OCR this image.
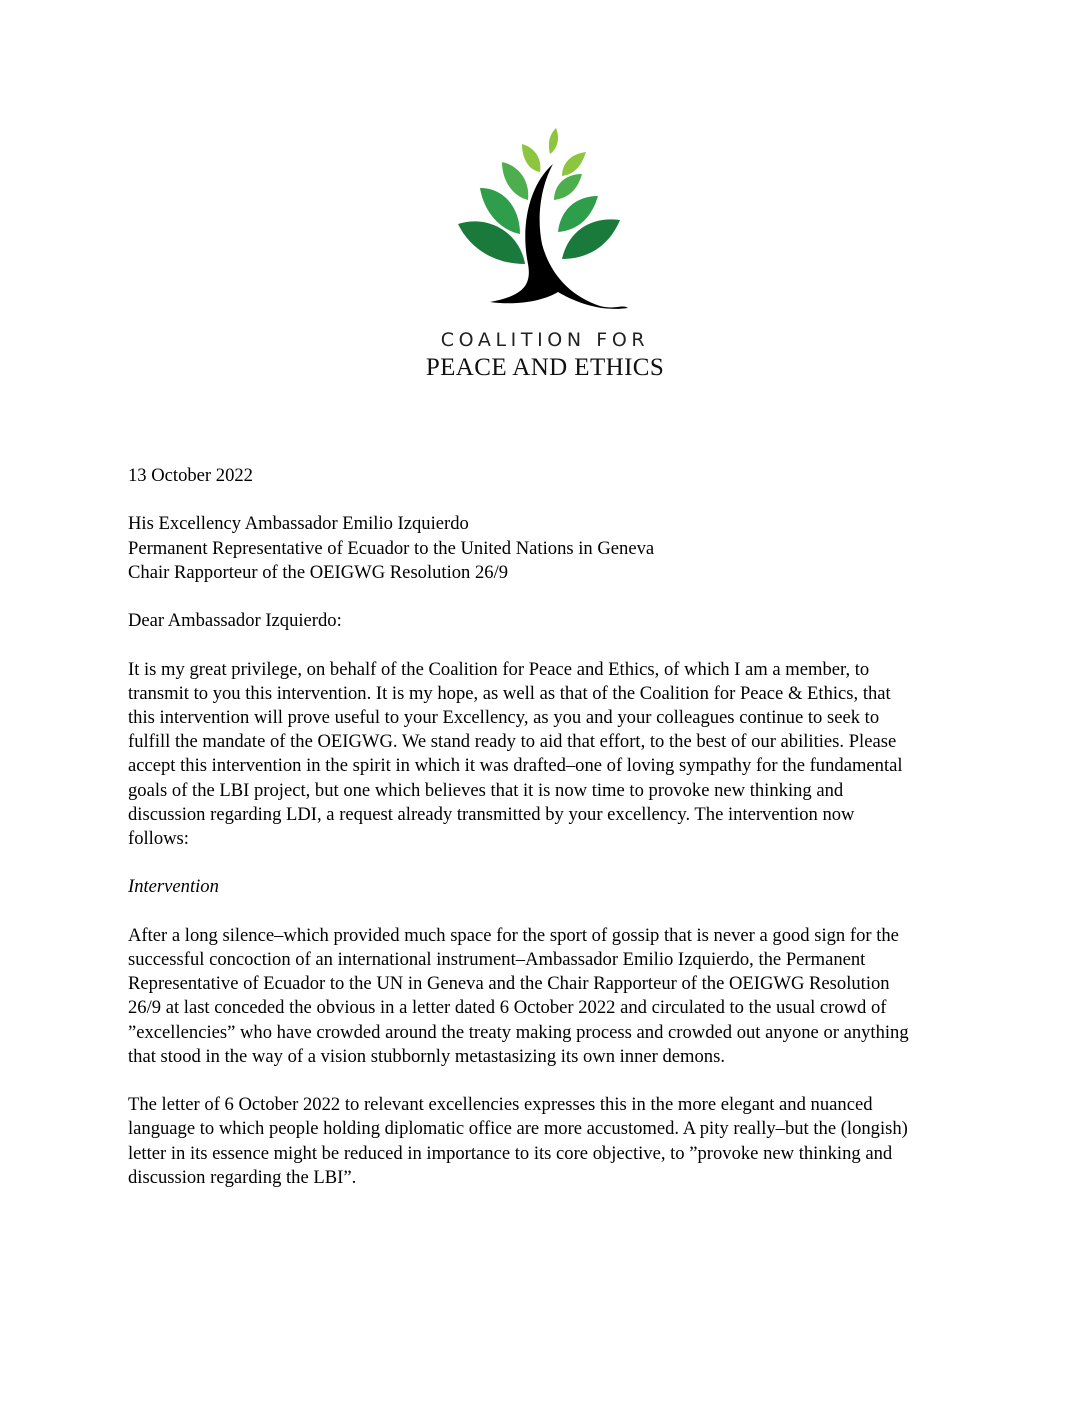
COALITION FOR
PEACE AND ETHICS

13 October 2022

His Excellency Ambassador Emilio Izquierdo
Permanent Representative of Ecuador to the United Nations in Geneva
Chair Rapporteur of the OEIGWG Resolution 26/9

Dear Ambassador Izquierdo:

It is my great privilege, on behalf of the Coalition for Peace and Ethics, of which I am a member, to
transmit to you this intervention. It is my hope, as well as that of the Coalition for Peace & Ethics, that
this intervention will prove useful to your Excellency, as you and your colleagues continue to seek to
fulfill the mandate of the OEIGWG. We stand ready to aid that effort, to the best of our abilities. Please
accept this intervention in the spirit in which it was drafted–one of loving sympathy for the fundamental
goals of the LBI project, but one which believes that it is now time to provoke new thinking and
discussion regarding LDI, a request already transmitted by your excellency. The intervention now
follows:

Intervention

After a long silence–which provided much space for the sport of gossip that is never a good sign for the
successful concoction of an international instrument–Ambassador Emilio Izquierdo, the Permanent
Representative of Ecuador to the UN in Geneva and the Chair Rapporteur of the OEIGWG Resolution
26/9 at last conceded the obvious in a letter dated 6 October 2022 and circulated to the usual crowd of
”excellencies” who have crowded around the treaty making process and crowded out anyone or anything
that stood in the way of a vision stubbornly metastasizing its own inner demons.

The letter of 6 October 2022 to relevant excellencies expresses this in the more elegant and nuanced
language to which people holding diplomatic office are more accustomed. A pity really–but the (longish)
letter in its essence might be reduced in importance to its core objective, to ”provoke new thinking and
discussion regarding the LBI”.
